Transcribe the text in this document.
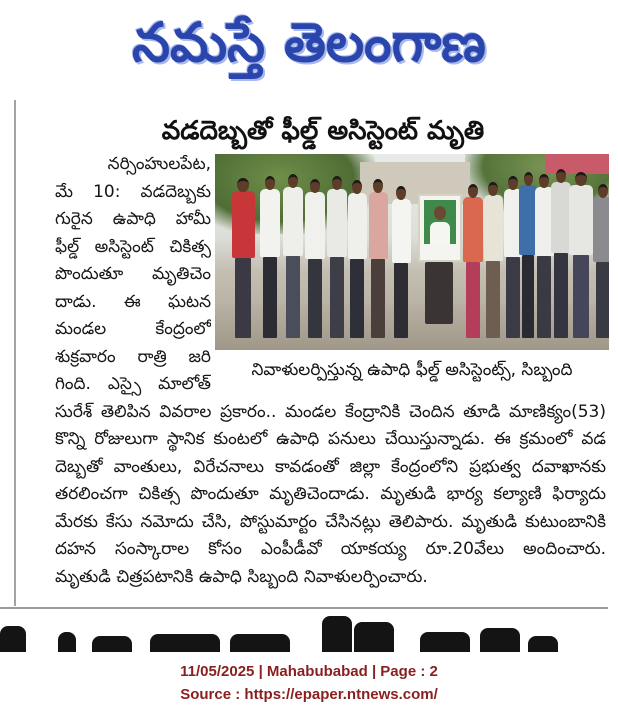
నమస్తే తెలంగాణ
వడదెబ్బతో ఫీల్డ్ అసిస్టెంట్ మృతి
నర్సింహులపేట,
మే 10: వడదెబ్బకు
గురైన ఉపాధి హామీ
ఫీల్డ్ అసిస్టెంట్ చికిత్స
పొందుతూ మృతిచెం
దాడు. ఈ ఘటన
మండల కేంద్రంలో
శుక్రవారం రాత్రి జరి
గింది. ఎస్సై మాలోత్
నివాళులర్పిస్తున్న ఉపాధి ఫీల్డ్ అసిస్టెంట్స్, సిబ్బంది
సురేశ్ తెలిపిన వివరాల ప్రకారం.. మండల కేంద్రానికి చెందిన తూడి మాణిక్యం(53)
కొన్ని రోజులుగా స్థానిక కుంటలో ఉపాధి పనులు చేయిస్తున్నాడు. ఈ క్రమంలో వడ
దెబ్బతో వాంతులు, విరేచనాలు కావడంతో జిల్లా కేంద్రంలోని ప్రభుత్వ దవాఖానకు
తరలించగా చికిత్స పొందుతూ మృతిచెందాడు. మృతుడి భార్య కల్యాణి ఫిర్యాదు
మేరకు కేసు నమోదు చేసి, పోస్టుమార్టం చేసినట్లు తెలిపారు. మృతుడి కుటుంబానికి
దహన సంస్కారాల కోసం ఎంపీడీవో యాకయ్య రూ.20వేలు అందించారు.
మృతుడి చిత్రపటానికి ఉపాధి సిబ్బంది నివాళులర్పించారు.
11/05/2025 | Mahabubabad | Page : 2
Source : https://epaper.ntnews.com/
